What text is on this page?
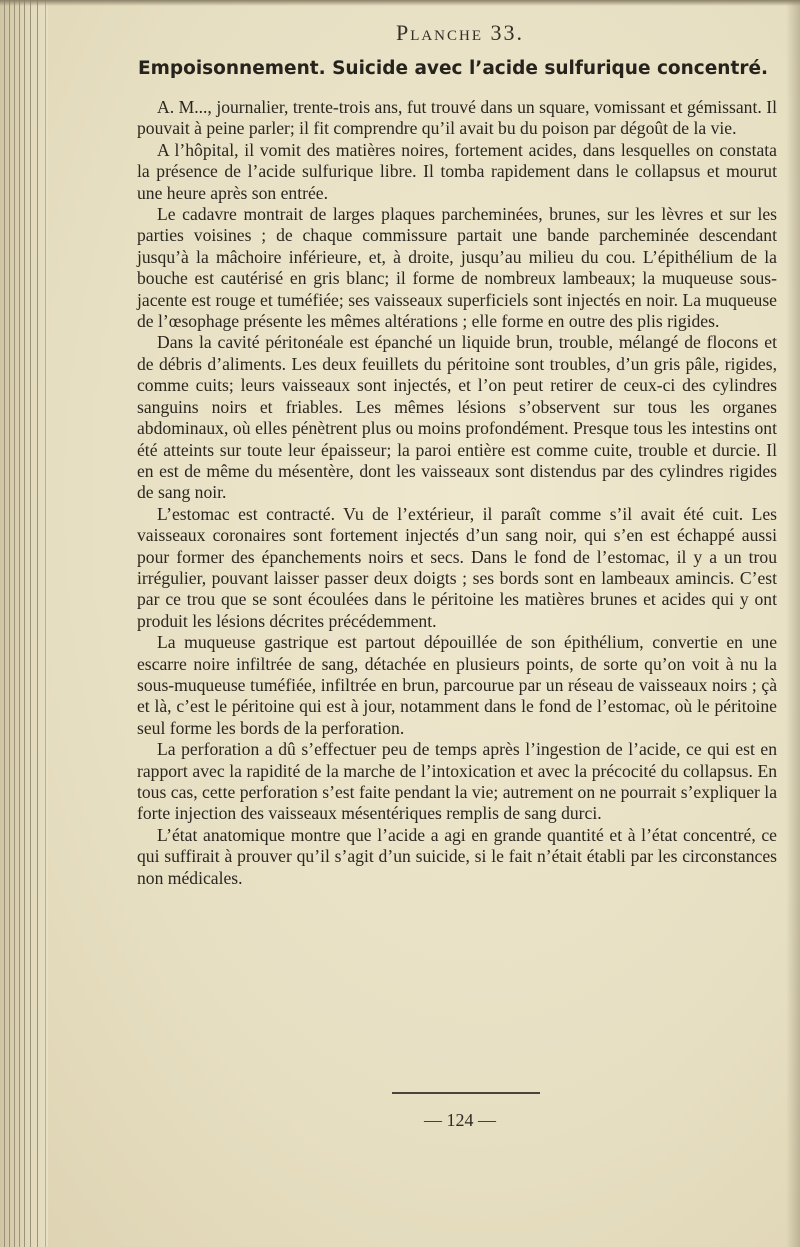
Planche 33.
Empoisonnement. Suicide avec l’acide sulfurique concentré.

A. M..., journalier, trente-trois ans, fut trouvé dans un square, vomissant et gémissant. Il pouvait à peine parler; il fit comprendre qu’il avait bu du poison par dégoût de la vie.

A l’hôpital, il vomit des matières noires, fortement acides, dans lesquelles on constata la présence de l’acide sulfurique libre. Il tomba rapidement dans le collapsus et mourut une heure après son entrée.

Le cadavre montrait de larges plaques parcheminées, brunes, sur les lèvres et sur les parties voisines ; de chaque commissure partait une bande parcheminée descendant jusqu’à la mâchoire inférieure, et, à droite, jusqu’au milieu du cou. L’épithélium de la bouche est cautérisé en gris blanc; il forme de nombreux lambeaux; la muqueuse sous-jacente est rouge et tuméfiée; ses vaisseaux superficiels sont injectés en noir. La muqueuse de l’œsophage présente les mêmes altérations ; elle forme en outre des plis rigides.

Dans la cavité péritonéale est épanché un liquide brun, trouble, mélangé de flocons et de débris d’aliments. Les deux feuillets du péritoine sont troubles, d’un gris pâle, rigides, comme cuits; leurs vaisseaux sont injectés, et l’on peut retirer de ceux-ci des cylindres sanguins noirs et friables. Les mêmes lésions s’observent sur tous les organes abdominaux, où elles pénètrent plus ou moins profondément. Presque tous les intestins ont été atteints sur toute leur épaisseur; la paroi entière est comme cuite, trouble et durcie. Il en est de même du mésentère, dont les vaisseaux sont distendus par des cylindres rigides de sang noir.

L’estomac est contracté. Vu de l’extérieur, il paraît comme s’il avait été cuit. Les vaisseaux coronaires sont fortement injectés d’un sang noir, qui s’en est échappé aussi pour former des épanchements noirs et secs. Dans le fond de l’estomac, il y a un trou irrégulier, pouvant laisser passer deux doigts ; ses bords sont en lambeaux amincis. C’est par ce trou que se sont écoulées dans le péritoine les matières brunes et acides qui y ont produit les lésions décrites précédemment.

La muqueuse gastrique est partout dépouillée de son épithélium, convertie en une escarre noire infiltrée de sang, détachée en plusieurs points, de sorte qu’on voit à nu la sous-muqueuse tuméfiée, infiltrée en brun, parcourue par un réseau de vaisseaux noirs ; çà et là, c’est le péritoine qui est à jour, notamment dans le fond de l’estomac, où le péritoine seul forme les bords de la perforation.

La perforation a dû s’effectuer peu de temps après l’ingestion de l’acide, ce qui est en rapport avec la rapidité de la marche de l’intoxication et avec la précocité du collapsus. En tous cas, cette perforation s’est faite pendant la vie; autrement on ne pourrait s’expliquer la forte injection des vaisseaux mésentériques remplis de sang durci.

L’état anatomique montre que l’acide a agi en grande quantité et à l’état concentré, ce qui suffirait à prouver qu’il s’agit d’un suicide, si le fait n’était établi par les circonstances non médicales.

— 124 —
